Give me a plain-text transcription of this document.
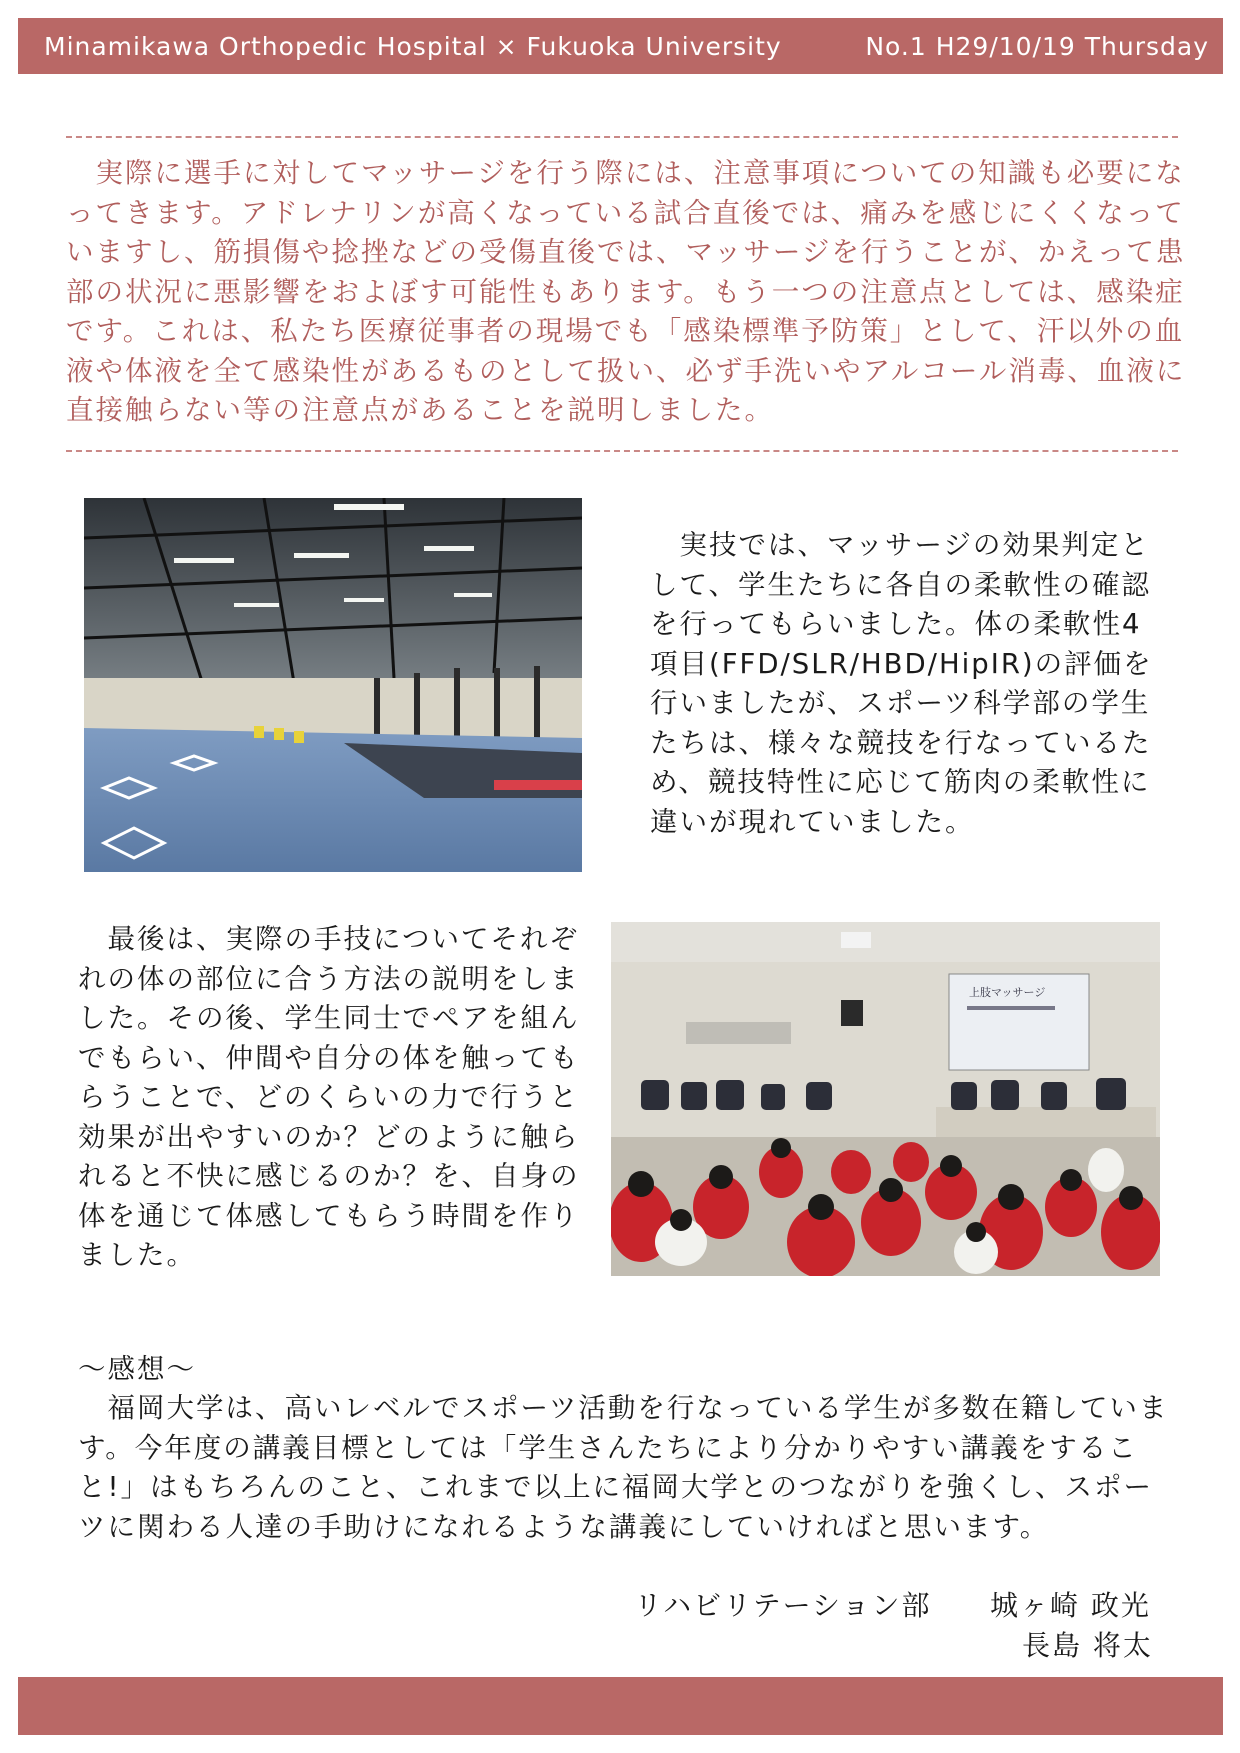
Minamikawa Orthopedic Hospital × Fukuoka University	No.1 H29/10/19 Thursday

　実際に選手に対してマッサージを行う際には、注意事項についての知識も必要になってきます。アドレナリンが高くなっている試合直後では、痛みを感じにくくなっていますし、筋損傷や捻挫などの受傷直後では、マッサージを行うことが、かえって患部の状況に悪影響をおよぼす可能性もあります。もう一つの注意点としては、感染症です。これは、私たち医療従事者の現場でも「感染標準予防策」として、汗以外の血液や体液を全て感染性があるものとして扱い、必ず手洗いやアルコール消毒、血液に直接触らない等の注意点があることを説明しました。

　実技では、マッサージの効果判定として、学生たちに各自の柔軟性の確認を行ってもらいました。体の柔軟性4 項目(FFD/SLR/HBD/HipIR)の評価を行いましたが、スポーツ科学部の学生たちは、様々な競技を行なっているため、競技特性に応じて筋肉の柔軟性に違いが現れていました。

　最後は、実際の手技についてそれぞれの体の部位に合う方法の説明をしました。その後、学生同士でペアを組んでもらい、仲間や自分の体を触ってもらうことで、どのくらいの力で行うと効果が出やすいのか？どのように触られると不快に感じるのか？を、自身の体を通じて体感してもらう時間を作りました。

上肢マッサージ
～感想～

　福岡大学は、高いレベルでスポーツ活動を行なっている学生が多数在籍しています。今年度の講義目標としては「学生さんたちにより分かりやすい講義をすること!」はもちろんのこと、これまで以上に福岡大学とのつながりを強くし、スポーツに関わる人達の手助けになれるような講義にしていければと思います。

リハビリテーション部 城ヶ崎 政光
長島 将太
